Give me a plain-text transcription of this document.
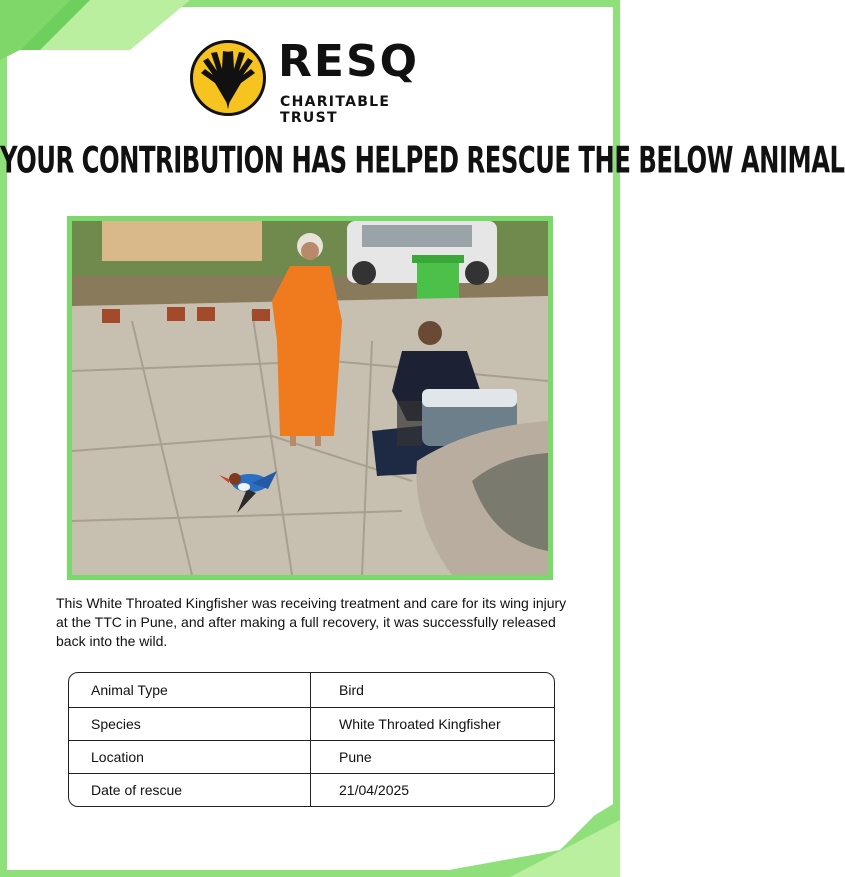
RESQ
CHARITABLE TRUST
YOUR CONTRIBUTION HAS HELPED RESCUE THE BELOW ANIMAL
This White Throated Kingfisher was receiving treatment and care for its wing injury at the TTC in Pune, and after making a full recovery, it was successfully released back into the wild.
Animal Type	Bird
Species	White Throated Kingfisher
Location	Pune
Date of rescue	21/04/2025
